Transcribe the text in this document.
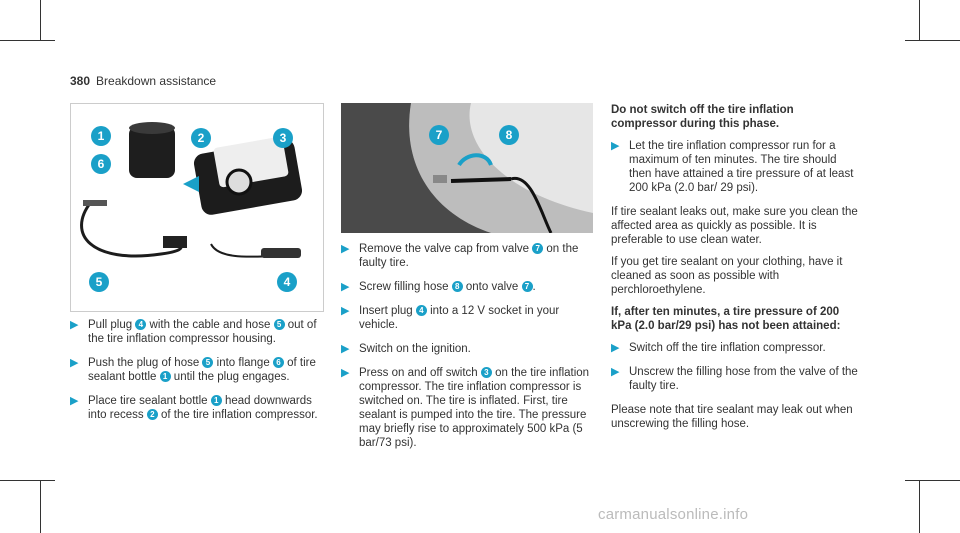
380 Breakdown assistance
1	2	3
4
5
6
7	8
▶ Pull plug 4 with the cable and hose 5 out of the tire inflation compressor housing.
▶ Push the plug of hose 5 into flange 6 of tire sealant bottle 1 until the plug engages.
▶ Place tire sealant bottle 1 head downwards into recess 2 of the tire inflation compressor.
▶ Remove the valve cap from valve 7 on the faulty tire.
▶ Screw filling hose 8 onto valve 7 .
▶ Insert plug 4 into a 12 V socket in your vehicle.
▶ Switch on the ignition.
▶ Press on and off switch 3 on the tire inflation compressor. The tire inflation compressor is switched on. The tire is inflated. First, tire sealant is pumped into the tire. The pressure may briefly rise to approximately 500 kPa (5 bar/73 psi).
Do not switch off the tire inflation compressor during this phase.
▶ Let the tire inflation compressor run for a maximum of ten minutes. The tire should then have attained a tire pressure of at least 200 kPa (2.0 bar/ 29 psi).
If tire sealant leaks out, make sure you clean the affected area as quickly as possible. It is preferable to use clean water.
If you get tire sealant on your clothing, have it cleaned as soon as possible with perchloroethylene.
If, after ten minutes, a tire pressure of 200 kPa (2.0 bar/29 psi) has not been attained:
▶ Switch off the tire inflation compressor.
▶ Unscrew the filling hose from the valve of the faulty tire.
Please note that tire sealant may leak out when unscrewing the filling hose.
carmanualsonline.info
